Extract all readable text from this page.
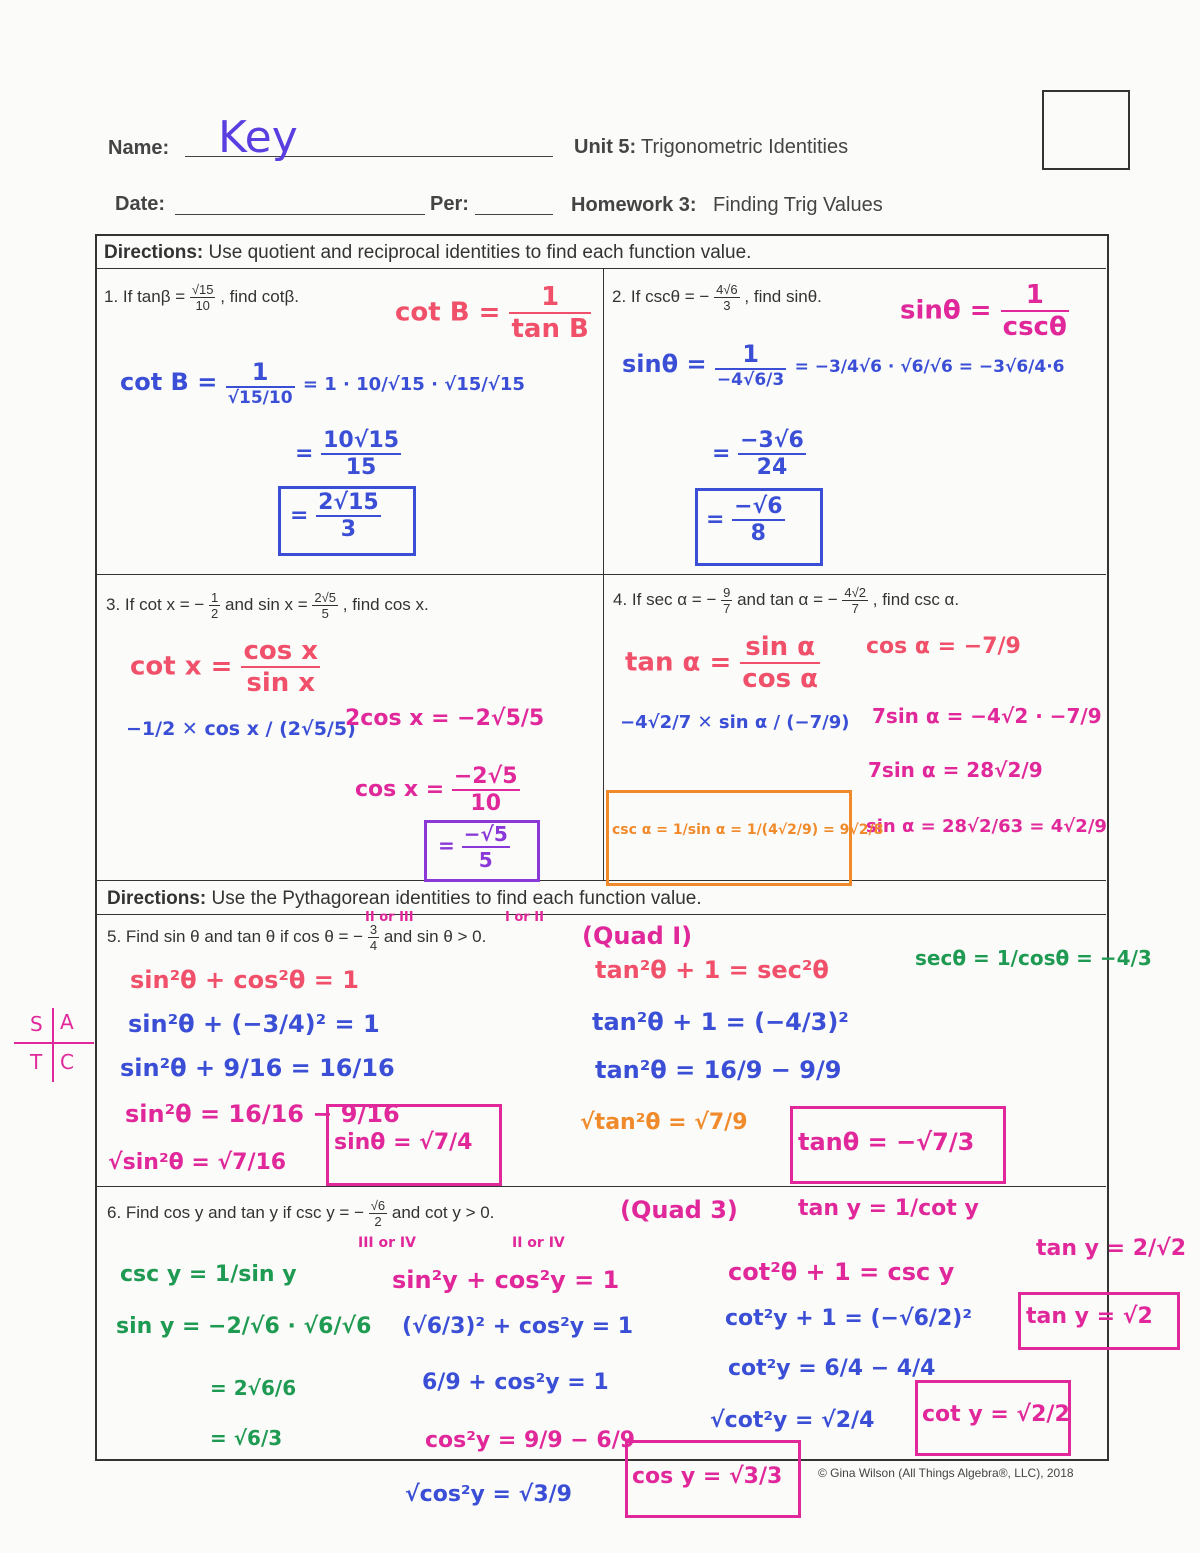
Name: Key
Date:	Per:
Unit 5: Trigonometric Identities
Homework 3: Finding Trig Values
Directions: Use quotient and reciprocal identities to find each function value.
Directions: Use the Pythagorean identities to find each function value.
1. If $\tan\beta = \frac{√15}{10}$ , find cotβ.
$\cot B = \frac{1}{\text{tan B}}$
$\cot B = \frac{1}{√15/10} = 1 \cdot 10/√15 \cdot √15/√15$
= $\frac{10√15}{15}$
= $\frac{2√15}{3}$
2. If cscθ = − $\frac{4√6}{3}$ , find sinθ.	$\sin\theta = \frac{1}{\csc\theta}$
$\sin\theta = \frac{1}{-4√6/3} = -3/4√6 \cdot √6/√6 = -3√6/4\cdot 6$
= $\frac{-3√6}{24}$
= $\frac{-√6}{8}$
3. If cot x = − $\frac{1}{2}$ and $\sin x = \frac{2√5}{5}$ , find cos x.
$\cot x = \frac{\text{cos x}}{\text{sin x}}$
−1/2 ✕ cos x / (2√5/5)
2cos x = −2√5/5
$\cos x = \frac{-2√5}{10}$
= $\frac{-√5}{5}$
4. If sec α = − $\frac{9}{7}$ and tan α = − $\frac{4√2}{7}$ , find csc α.
$\tan \alpha = \frac{\text{sin α}}{\text{cos α}}$ cos α = −7/9
−4√2/7 ✕ sin α / (−7/9) 7sin α = −4√2 · −7/9
7sin α = 28√2/9
sin α = 28√2/63 = 4√2/9
csc α = 1/sin α = 1/(4√2/9) = 9√2/8
5. Find sin θ and tan θ if cos θ = − $\frac{3}{4}$ and sin θ > 0.
II or III	I or II
(Quad I)
sin²θ + cos²θ = 1
sin²θ + (−3/4)² = 1
sin²θ + 9/16 = 16/16
sin²θ = 16/16 − 9/16
√sin²θ = √7/16
sinθ = √7/4
tan²θ + 1 = sec²θ	secθ = 1/cosθ = −4/3
tan²θ + 1 = (−4/3)²
tan²θ = 16/9 − 9/9
√tan²θ = √7/9
tanθ = −√7/3
6. Find cos y and tan y if csc y = − $\frac{√6}{2}$ and cot y > 0.
III or IV	II or IV
(Quad 3)	tan y = 1/cot y
csc y = 1/sin y
sin y = −2/√6 · √6/√6
= 2√6/6
= √6/3
sin²y + cos²y = 1
(√6/3)² + cos²y = 1
6/9 + cos²y = 1
cos²y = 9/9 − 6/9
√cos²y = √3/9
cos y = √3/3
cot²θ + 1 = csc y
cot²y + 1 = (−√6/2)²
cot²y = 6/4 − 4/4
√cot²y = √2/4 cot y = √2/2
tan y = 2/√2
tan y = √2
S A
T C
© Gina Wilson (All Things Algebra®, LLC), 2018
